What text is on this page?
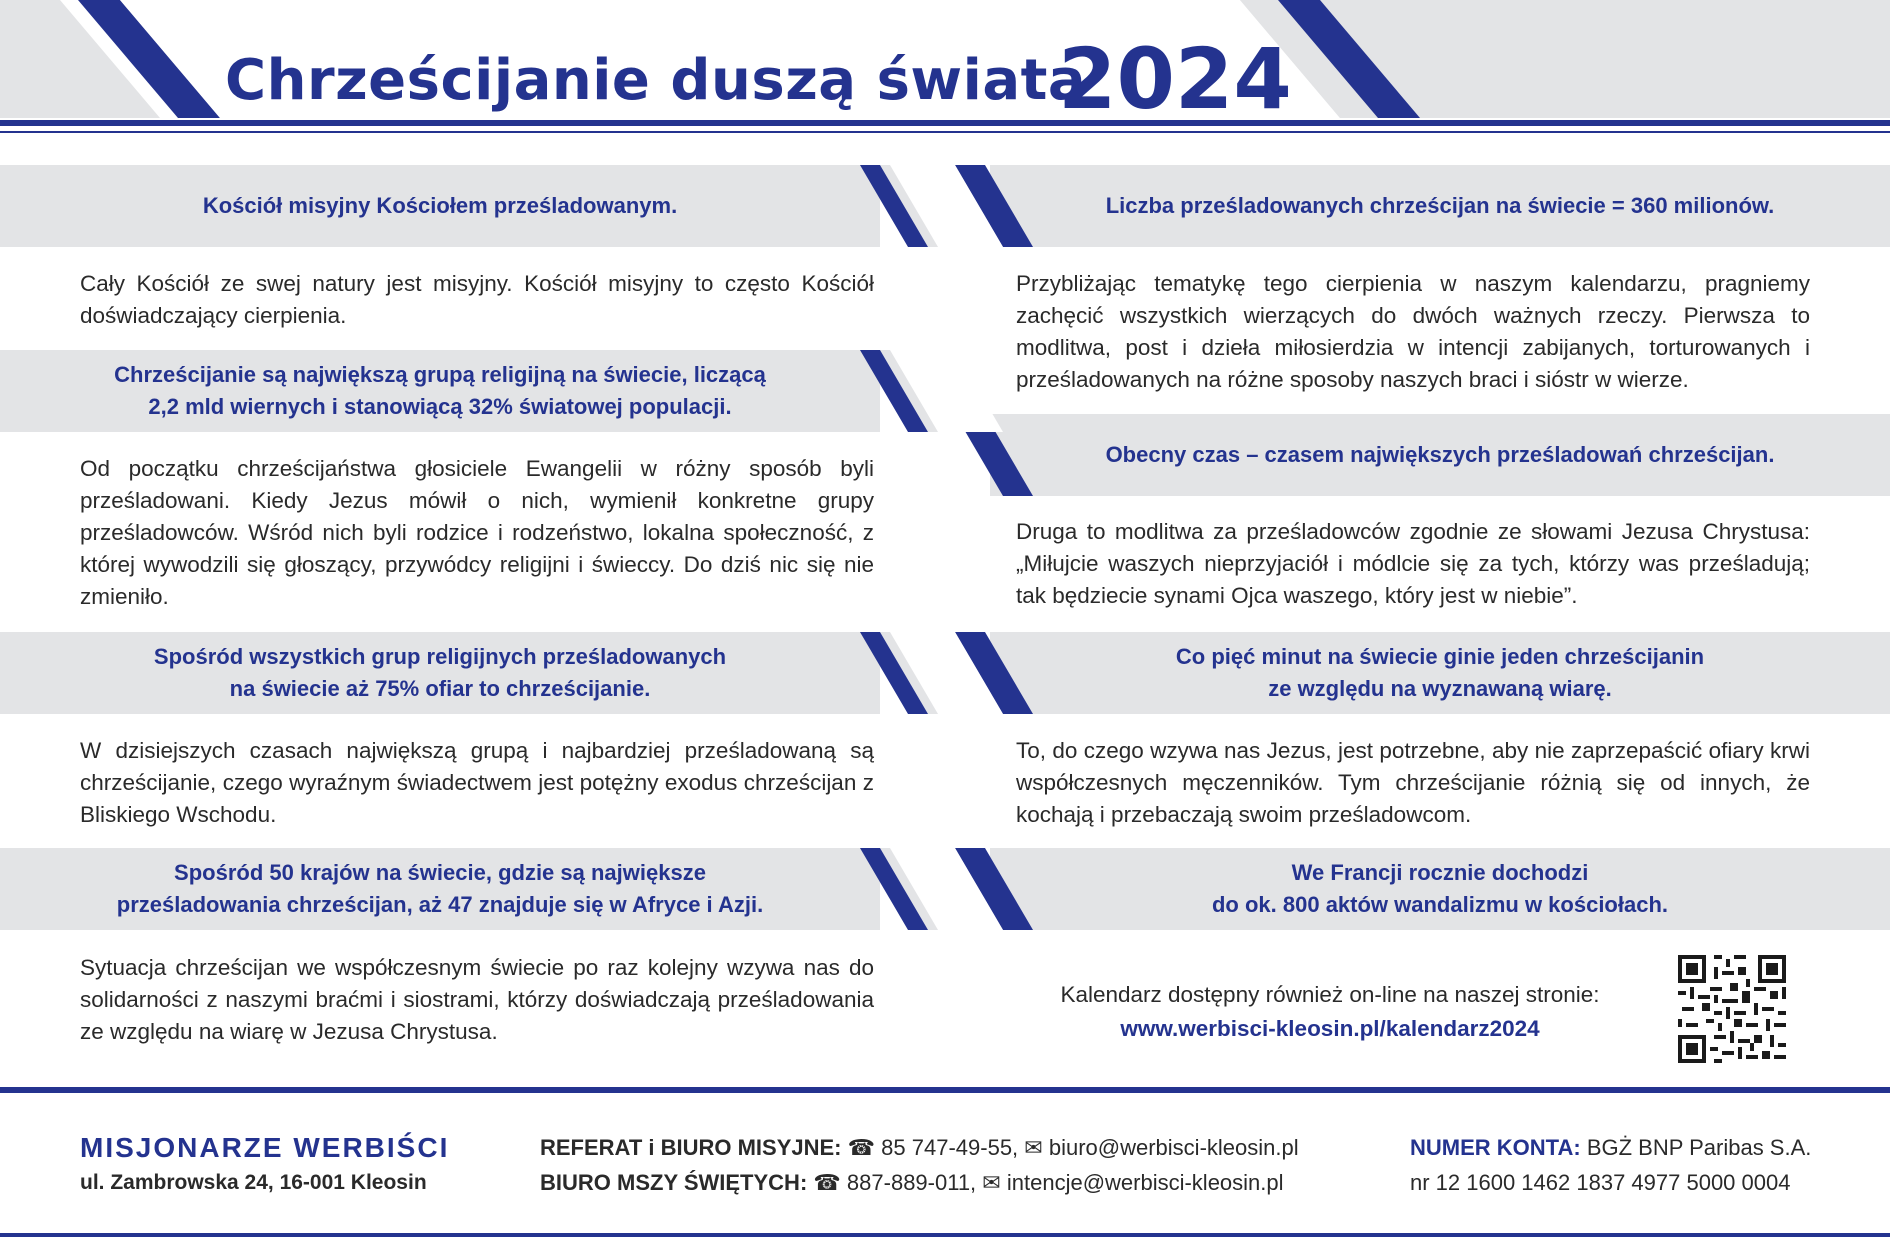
Chrześcijanie duszą świata
2024
Kościół misyjny Kościołem prześladowanym.
Cały Kościół ze swej natury jest misyjny. Kościół misyjny to często Kościół doświadczający cierpienia.
Chrześcijanie są największą grupą religijną na świecie, liczącą
2,2 mld wiernych i stanowiącą 32% światowej populacji.
Od początku chrześcijaństwa głosiciele Ewangelii w różny sposób byli prześladowani. Kiedy Jezus mówił o nich, wymienił konkretne grupy prześladowców. Wśród nich byli rodzice i rodzeństwo, lokalna społeczność, z której wywodzili się głoszący, przywódcy religijni i świeccy. Do dziś nic się nie zmieniło.
Spośród wszystkich grup religijnych prześladowanych
na świecie aż 75% ofiar to chrześcijanie.
W dzisiejszych czasach największą grupą i najbardziej prześladowaną są chrześcijanie, czego wyraźnym świadectwem jest potężny exodus chrześcijan z Bliskiego Wschodu.
Spośród 50 krajów na świecie, gdzie są największe
prześladowania chrześcijan, aż 47 znajduje się w Afryce i Azji.
Sytuacja chrześcijan we współczesnym świecie po raz kolejny wzywa nas do solidarności z naszymi braćmi i siostrami, którzy doświadczają prześladowania ze względu na wiarę w Jezusa Chrystusa.
Liczba prześladowanych chrześcijan na świecie = 360 milionów.
Przybliżając tematykę tego cierpienia w naszym kalendarzu, pragniemy zachęcić wszystkich wierzących do dwóch ważnych rzeczy. Pierwsza to modlitwa, post i dzieła miłosierdzia w intencji zabijanych, torturowanych i prześladowanych na różne sposoby naszych braci i sióstr w wierze.
Obecny czas – czasem największych prześladowań chrześcijan.
Druga to modlitwa za prześladowców zgodnie ze słowami Jezusa Chrystusa: „Miłujcie waszych nieprzyjaciół i módlcie się za tych, którzy was prześladują; tak będziecie synami Ojca waszego, który jest w niebie”.
Co pięć minut na świecie ginie jeden chrześcijanin
ze względu na wyznawaną wiarę.
To, do czego wzywa nas Jezus, jest potrzebne, aby nie zaprzepaścić ofiary krwi współczesnych męczenników. Tym chrześcijanie różnią się od innych, że kochają i przebaczają swoim prześladowcom.
We Francji rocznie dochodzi
do ok. 800 aktów wandalizmu w kościołach.
Kalendarz dostępny również on-line na naszej stronie:
www.werbisci-kleosin.pl/kalendarz2024
MISJONARZE WERBIŚCI
ul. Zambrowska 24, 16-001 Kleosin
REFERAT i BIURO MISYJNE: ☎ 85 747-49-55, ✉ biuro@werbisci-kleosin.pl
BIURO MSZY ŚWIĘTYCH: ☎ 887-889-011, ✉ intencje@werbisci-kleosin.pl
NUMER KONTA: BGŻ BNP Paribas S.A.
nr 12 1600 1462 1837 4977 5000 0004
